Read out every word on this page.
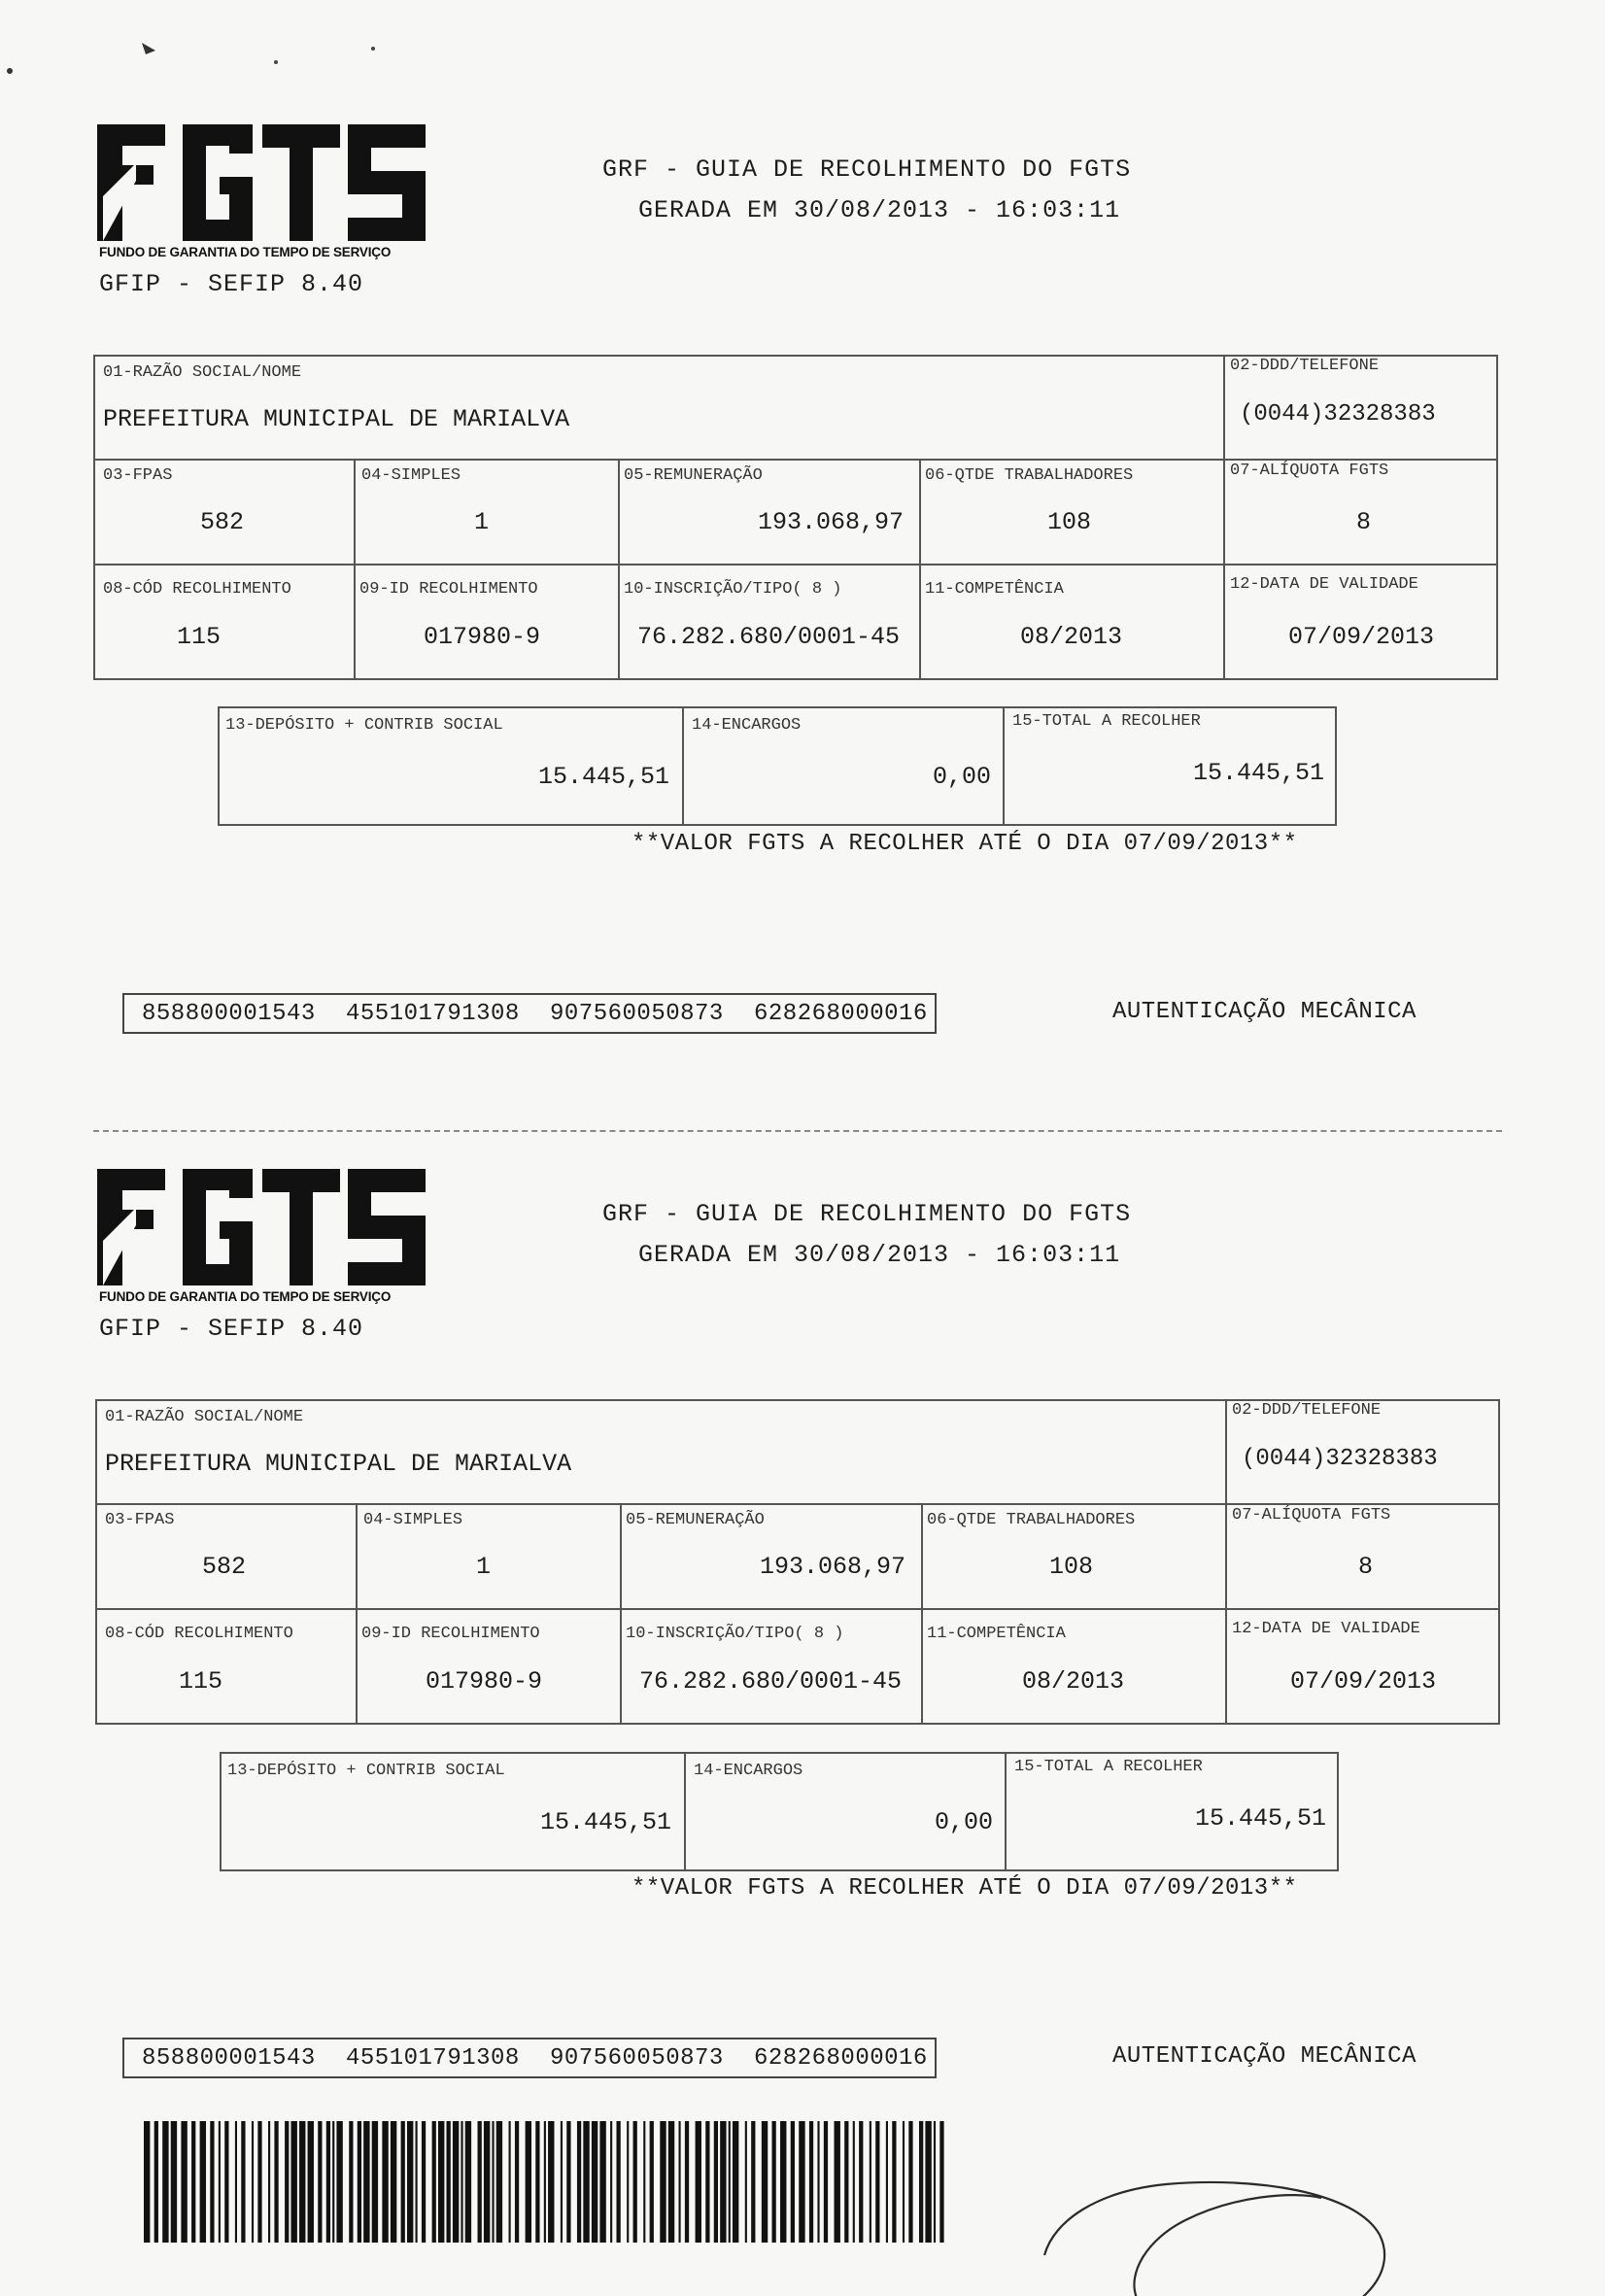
FUNDO DE GARANTIA DO TEMPO DE SERVIÇO
GFIP - SEFIP 8.40
GRF - GUIA DE RECOLHIMENTO DO FGTS
GERADA EM 30/08/2013 - 16:03:11
01-RAZÃO SOCIAL/NOME
PREFEITURA MUNICIPAL DE MARIALVA
02-DDD/TELEFONE
(0044)32328383
03-FPAS
582
04-SIMPLES
1
05-REMUNERAÇÃO
193.068,97
06-QTDE TRABALHADORES
108
07-ALÍQUOTA FGTS
8
08-CÓD RECOLHIMENTO
115
09-ID RECOLHIMENTO
017980-9
10-INSCRIÇÃO/TIPO( 8 )
76.282.680/0001-45
11-COMPETÊNCIA
08/2013
12-DATA DE VALIDADE
07/09/2013
13-DEPÓSITO + CONTRIB SOCIAL
15.445,51
14-ENCARGOS
0,00
15-TOTAL A RECOLHER
15.445,51
**VALOR FGTS A RECOLHER ATÉ O DIA 07/09/2013**
858800001543 455101791308 907560050873 628268000016	AUTENTICAÇÃO MECÂNICA
FUNDO DE GARANTIA DO TEMPO DE SERVIÇO
GFIP - SEFIP 8.40
GRF - GUIA DE RECOLHIMENTO DO FGTS
GERADA EM 30/08/2013 - 16:03:11
01-RAZÃO SOCIAL/NOME
PREFEITURA MUNICIPAL DE MARIALVA
02-DDD/TELEFONE
(0044)32328383
03-FPAS
582
04-SIMPLES
1
05-REMUNERAÇÃO
193.068,97
06-QTDE TRABALHADORES
108
07-ALÍQUOTA FGTS
8
08-CÓD RECOLHIMENTO
115
09-ID RECOLHIMENTO
017980-9
10-INSCRIÇÃO/TIPO( 8 )
76.282.680/0001-45
11-COMPETÊNCIA
08/2013
12-DATA DE VALIDADE
07/09/2013
13-DEPÓSITO + CONTRIB SOCIAL
15.445,51
14-ENCARGOS
0,00
15-TOTAL A RECOLHER
15.445,51
**VALOR FGTS A RECOLHER ATÉ O DIA 07/09/2013**
858800001543 455101791308 907560050873 628268000016	AUTENTICAÇÃO MECÂNICA
